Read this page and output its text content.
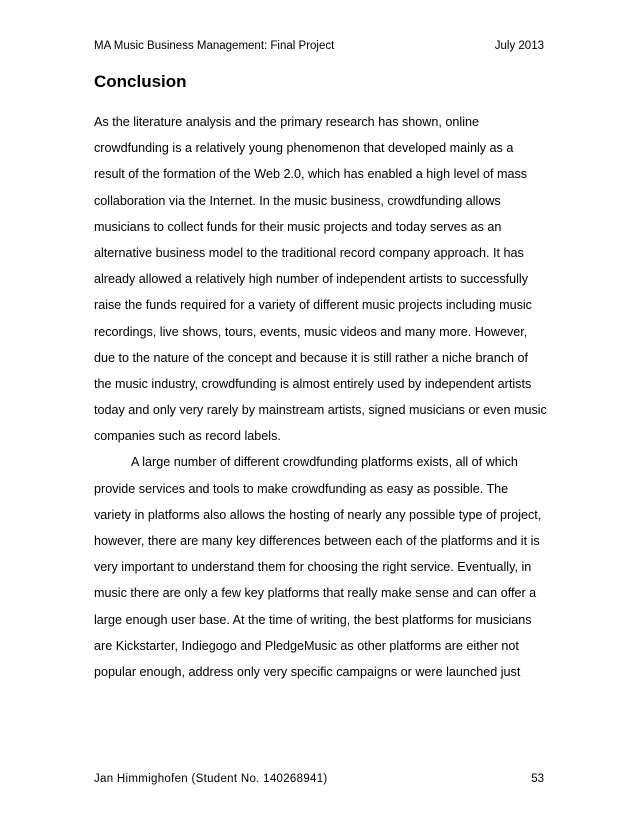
MA Music Business Management: Final Project	July 2013
Conclusion
As the literature analysis and the primary research has shown, online
crowdfunding is a relatively young phenomenon that developed mainly as a
result of the formation of the Web 2.0, which has enabled a high level of mass
collaboration via the Internet. In the music business, crowdfunding allows
musicians to collect funds for their music projects and today serves as an
alternative business model to the traditional record company approach. It has
already allowed a relatively high number of independent artists to successfully
raise the funds required for a variety of different music projects including music
recordings, live shows, tours, events, music videos and many more. However,
due to the nature of the concept and because it is still rather a niche branch of
the music industry, crowdfunding is almost entirely used by independent artists
today and only very rarely by mainstream artists, signed musicians or even music
companies such as record labels.
A large number of different crowdfunding platforms exists, all of which
provide services and tools to make crowdfunding as easy as possible. The
variety in platforms also allows the hosting of nearly any possible type of project,
however, there are many key differences between each of the platforms and it is
very important to understand them for choosing the right service. Eventually, in
music there are only a few key platforms that really make sense and can offer a
large enough user base. At the time of writing, the best platforms for musicians
are Kickstarter, Indiegogo and PledgeMusic as other platforms are either not
popular enough, address only very specific campaigns or were launched just
Jan Himmighofen (Student No. 140268941)	53
